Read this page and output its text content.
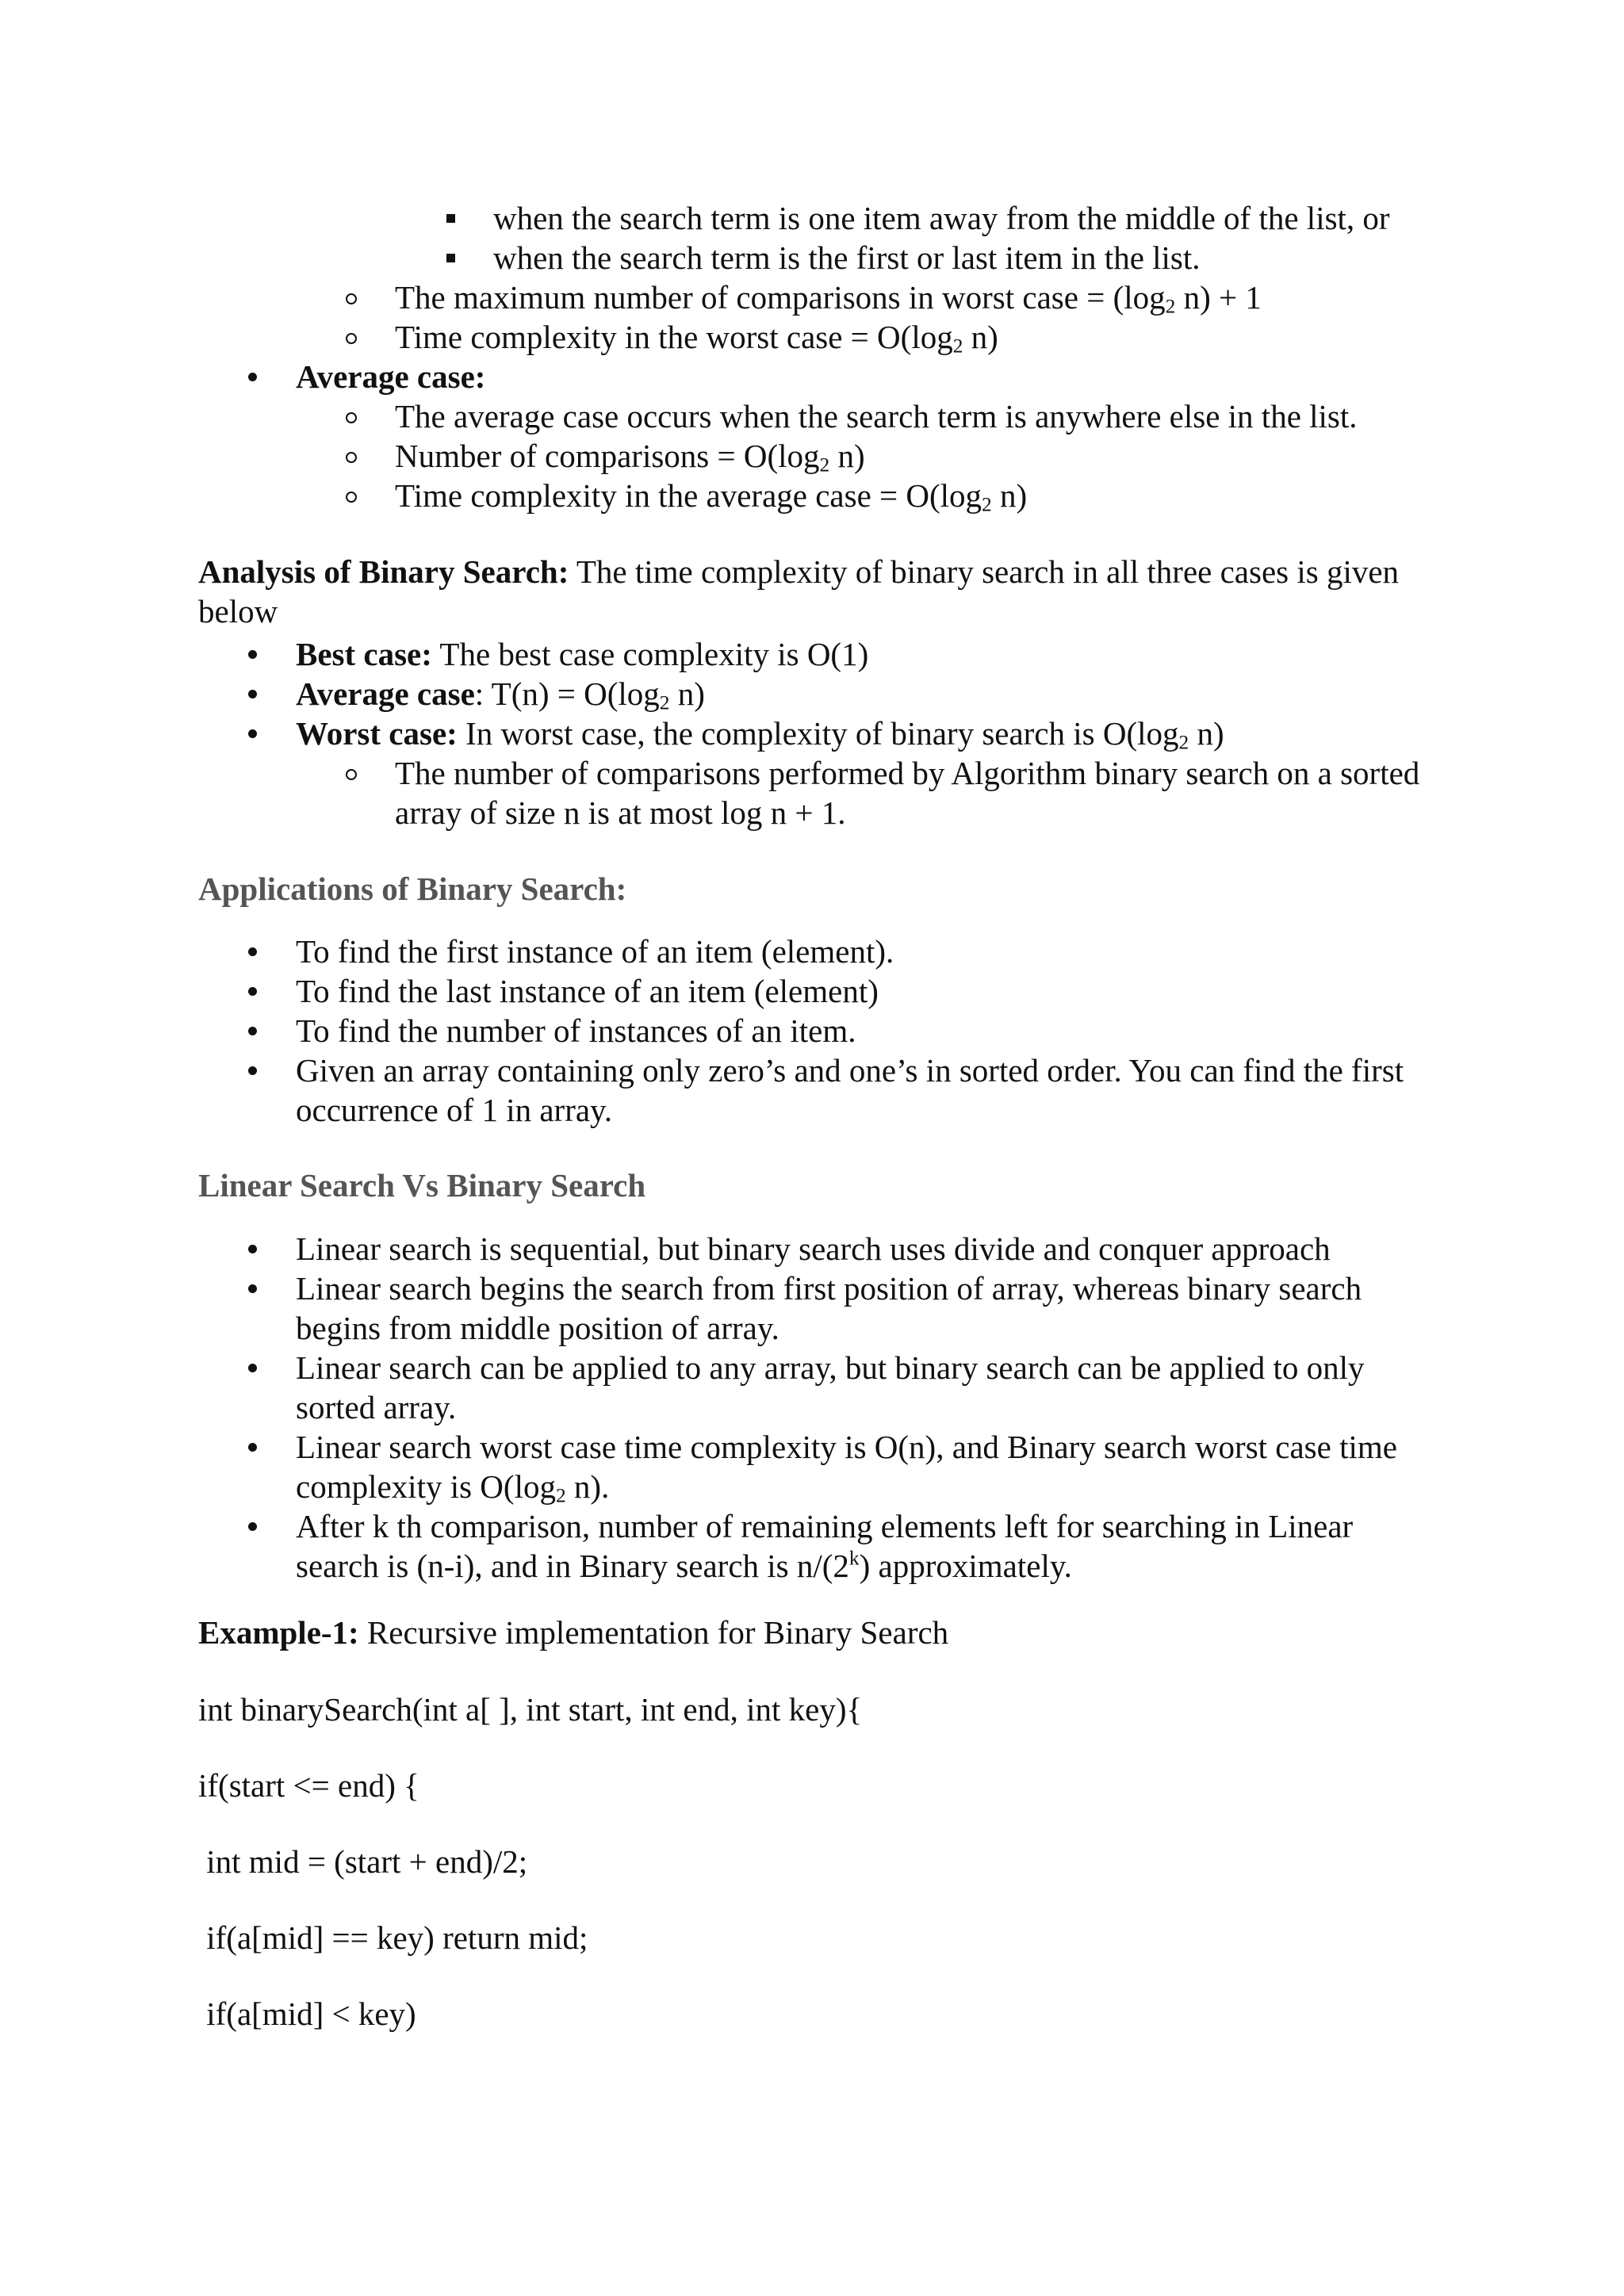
when the search term is one item away from the middle of the list, or
when the search term is the first or last item in the list.
The maximum number of comparisons in worst case = ($\log_2$ n) + 1
Time complexity in the worst case = $O(\log_2$ n)
Average case:
The average case occurs when the search term is anywhere else in the list.
Number of comparisons = $O(\log_2$ n)
Time complexity in the average case = $O(\log_2$ n)
Analysis of Binary Search: The time complexity of binary search in all three cases is given
below
Best case: The best case complexity is O(1)
Average case: $T(n) = O(\log_2$ n)
Worst case: In worst case, the complexity of binary search is $O(\log_2$ n)
The number of comparisons performed by Algorithm binary search on a sorted
array of size n is at most log n + 1.
Applications of Binary Search:
To find the first instance of an item (element).
To find the last instance of an item (element)
To find the number of instances of an item.
Given an array containing only zero’s and one’s in sorted order. You can find the first
occurrence of 1 in array.
Linear Search Vs Binary Search
Linear search is sequential, but binary search uses divide and conquer approach
Linear search begins the search from first position of array, whereas binary search
begins from middle position of array.
Linear search can be applied to any array, but binary search can be applied to only
sorted array.
Linear search worst case time complexity is O(n), and Binary search worst case time
complexity is $O(\log_2$ n).
After k th comparison, number of remaining elements left for searching in Linear
search is (n-i), and in Binary search is n/(2$^k$) approximately.
Example-1: Recursive implementation for Binary Search
int binarySearch(int a[ ], int start, int end, int key){
if(start <= end) {
int mid = (start + end)/2;
if(a[mid] == key) return mid;
if(a[mid] < key)
